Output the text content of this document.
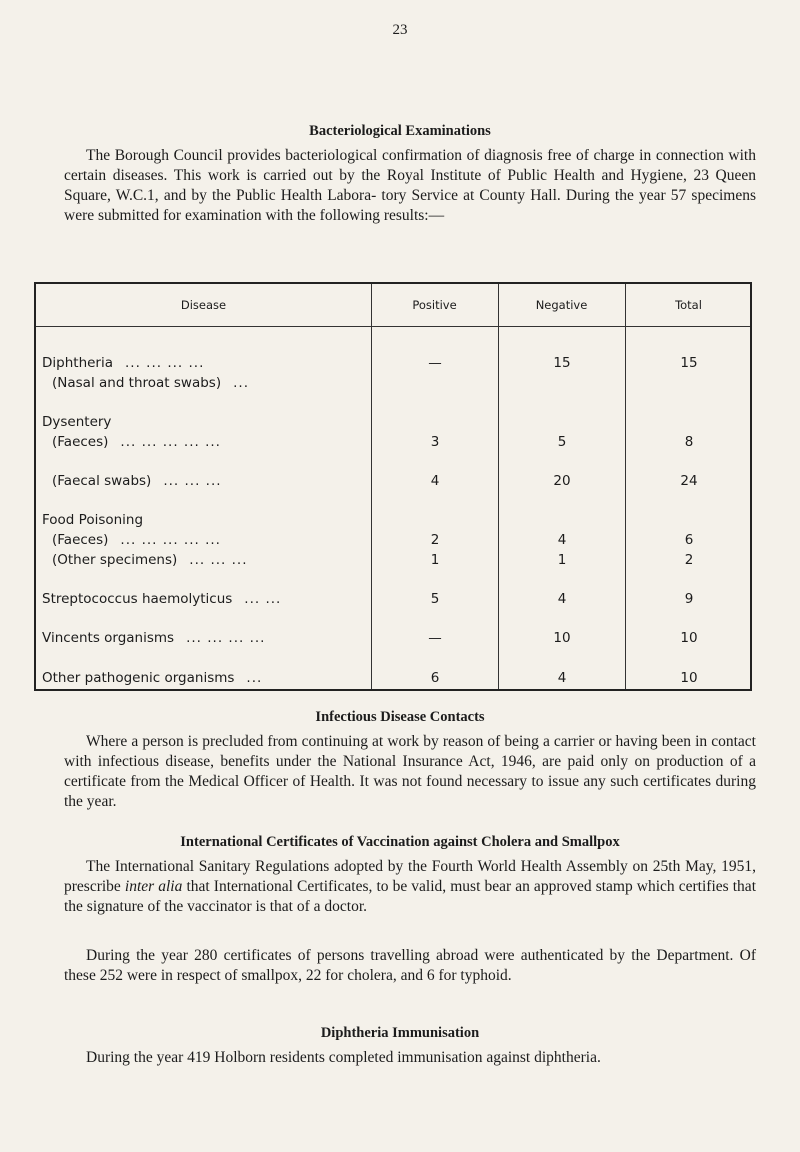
23
Bacteriological Examinations

The Borough Council provides bacteriological confirmation of diagnosis free of charge in connection with certain diseases. This work is carried out by the Royal Institute of Public Health and Hygiene, 23 Queen Square, W.C.1, and by the Public Health Labora- tory Service at County Hall. During the year 57 specimens were submitted for examination with the following results:—

Disease	Positive	Negative	Total
Diphtheria ... ... ... ...	—	15	15
(Nasal and throat swabs) ...
Dysentery
(Faeces) ... ... ... ... ...	3	5	8
(Faecal swabs) ... ... ...	4	20	24
Food Poisoning
(Faeces) ... ... ... ... ...	2	4	6
(Other specimens) ... ... ...	1	1	2
Streptococcus haemolyticus ... ...	5	4	9
Vincents organisms ... ... ... ...	—	10	10
Other pathogenic organisms ...	6	4	10
Infectious Disease Contacts

Where a person is precluded from continuing at work by reason of being a carrier or having been in contact with infectious disease, benefits under the National Insurance Act, 1946, are paid only on production of a certificate from the Medical Officer of Health. It was not found necessary to issue any such certificates during the year.

International Certificates of Vaccination against Cholera and Smallpox

The International Sanitary Regulations adopted by the Fourth World Health Assembly on 25th May, 1951, prescribe inter alia that International Certificates, to be valid, must bear an approved stamp which certifies that the signature of the vaccinator is that of a doctor.

During the year 280 certificates of persons travelling abroad were authenticated by the Department. Of these 252 were in respect of smallpox, 22 for cholera, and 6 for typhoid.

Diphtheria Immunisation

During the year 419 Holborn residents completed immunisation against diphtheria.
